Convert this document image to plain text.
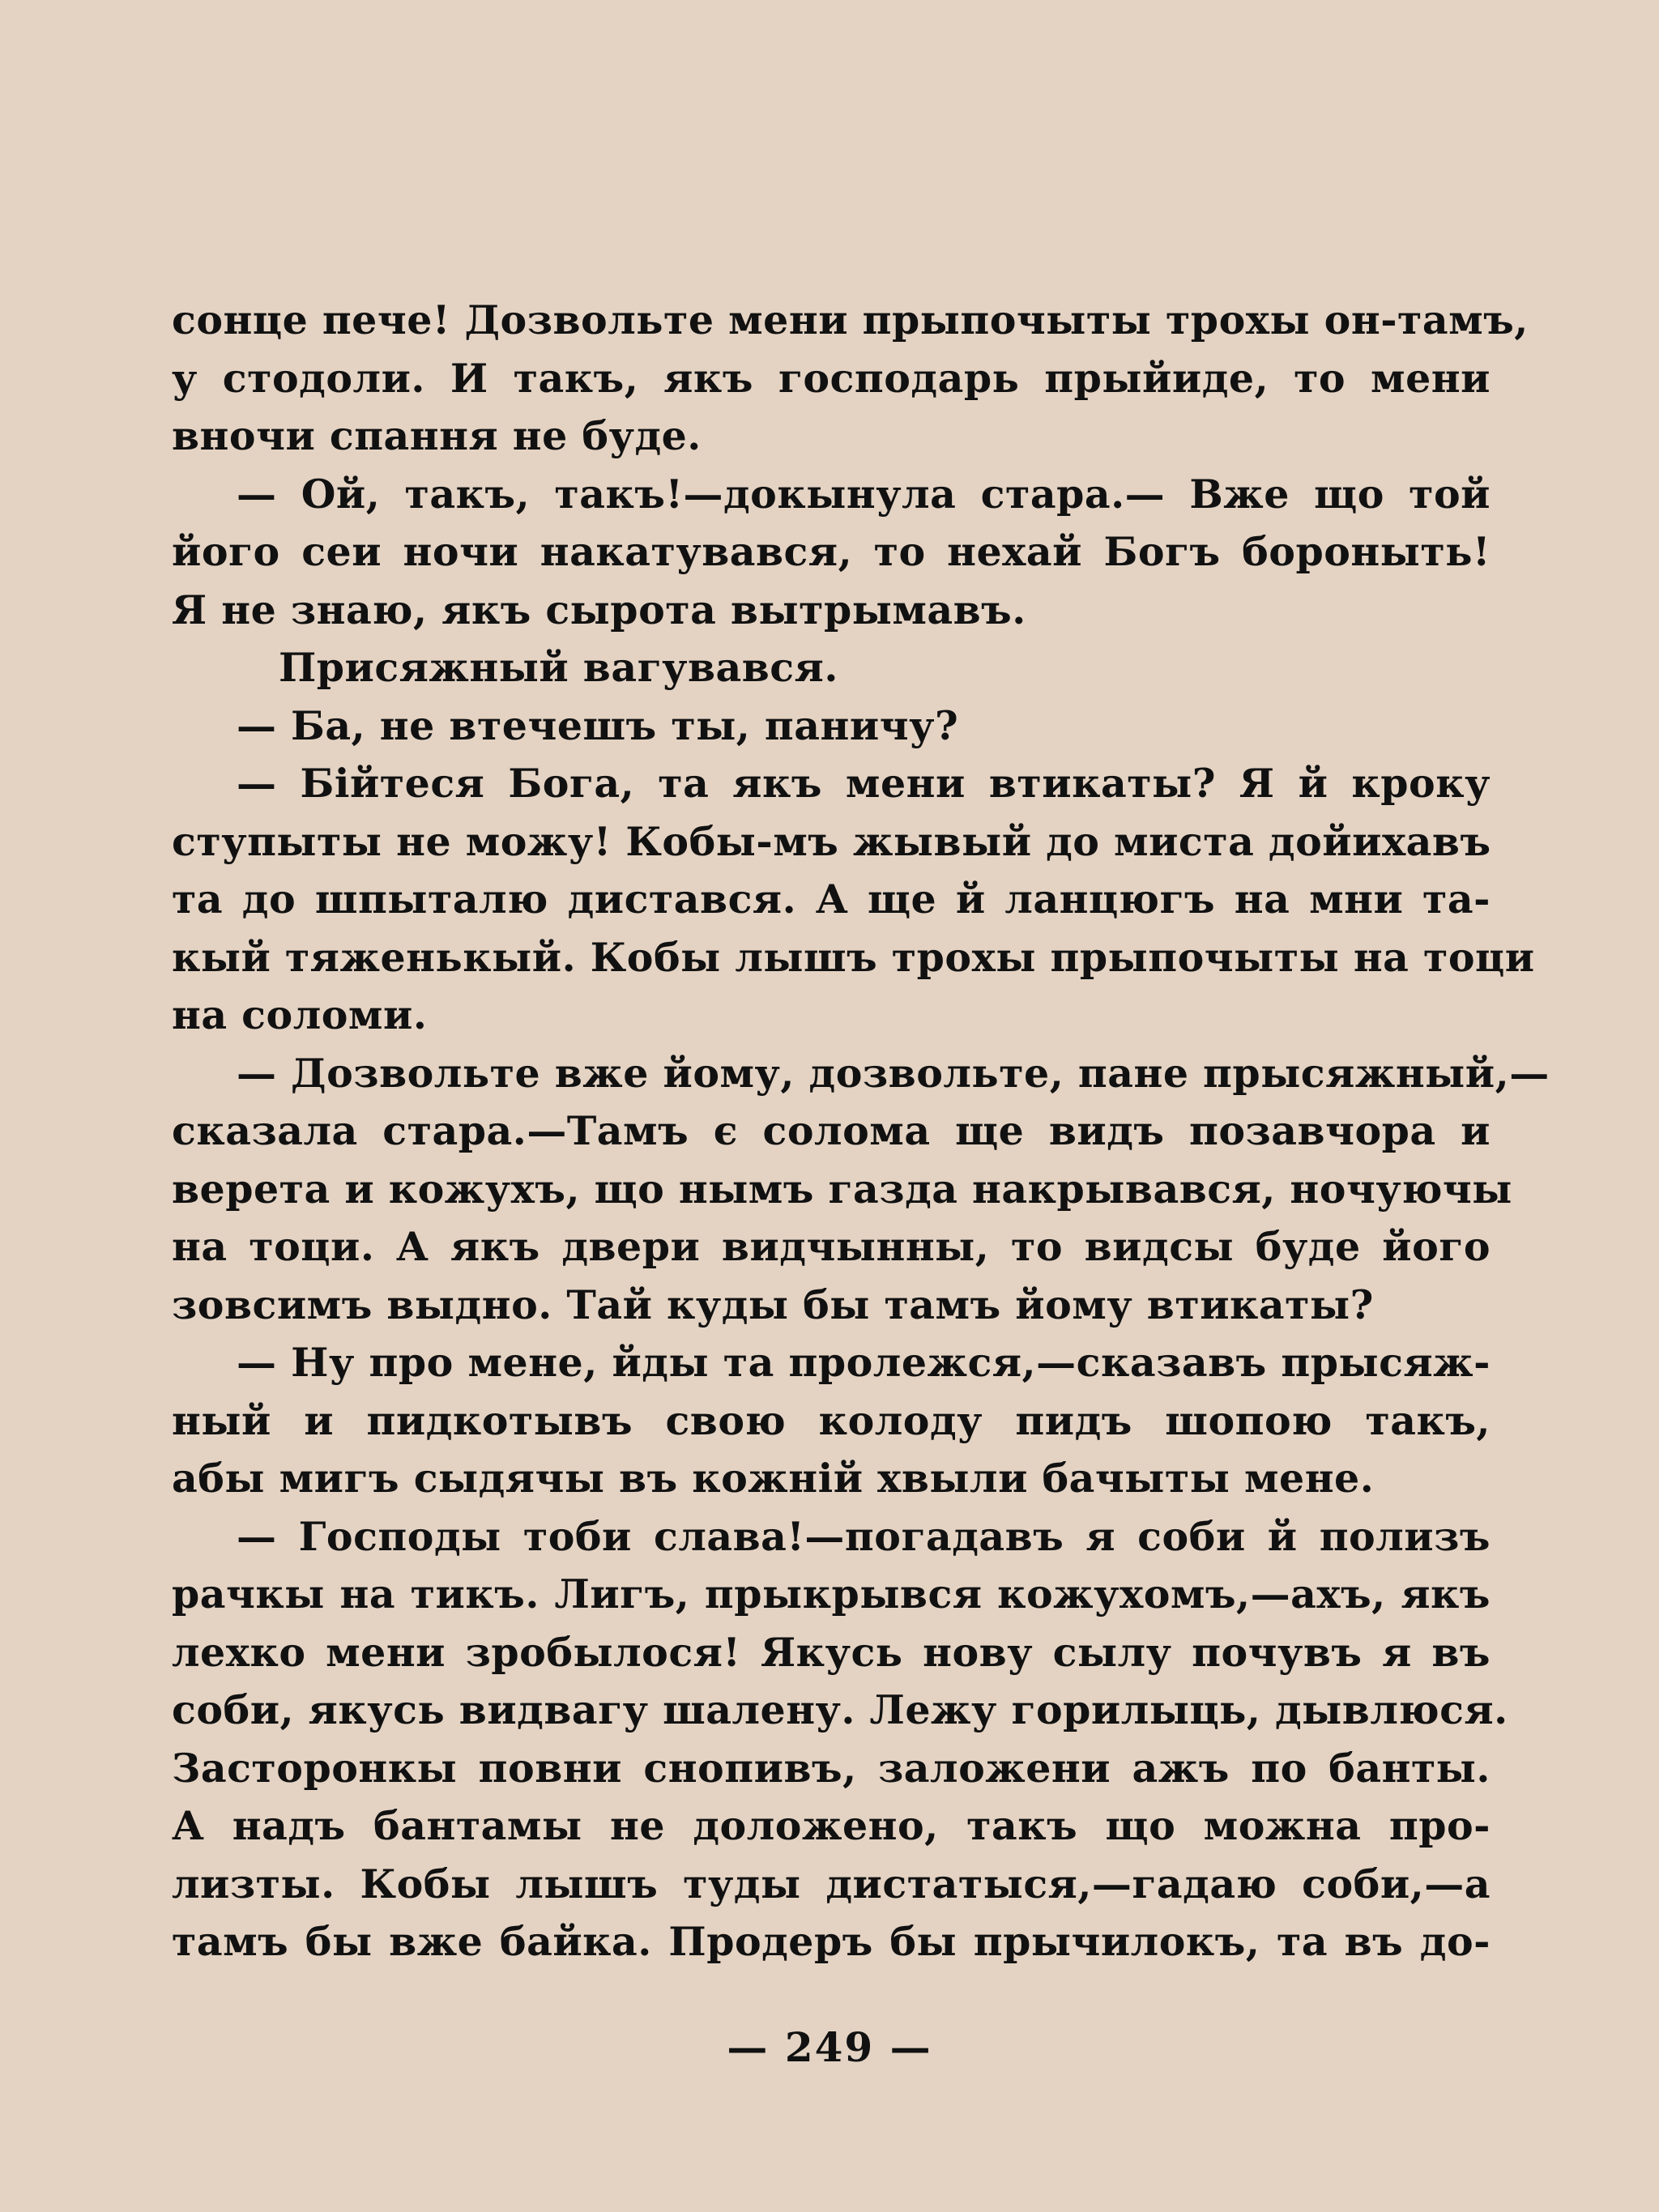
сонце пече! Дозвольте мени прыпочыты трохы он-тамъ,
у стодоли. И такъ, якъ господарь прыйиде, то мени
вночи спання не буде.
— Ой, такъ, такъ!—докынула стара.— Вже що той
його сеи ночи накатувався, то нехай Богъ бороныть!
Я не знаю, якъ сырота вытрымавъ.
Присяжный вагувався.
— Ба, не втечешъ ты, паничу?
— Бійтеся Бога, та якъ мени втикаты? Я й кроку
ступыты не можу! Кобы-мъ жывый до миста дойихавъ
та до шпыталю дистався. А ще й ланцюгъ на мни та-
кый тяженькый. Кобы лышъ трохы прыпочыты на тоци
на соломи.
— Дозвольте вже йому, дозвольте, пане прысяжный,—
сказала стара.—Тамъ є солома ще видъ позавчора и
верета и кожухъ, що нымъ газда накрывався, ночуючы
на тоци. А якъ двери видчынны, то видсы буде його
зовсимъ выдно. Тай куды бы тамъ йому втикаты?
— Ну про мене, йды та пролежся,—сказавъ прысяж-
ный и пидкотывъ свою колоду пидъ шопою такъ,
абы мигъ сыдячы въ кожній хвыли бачыты мене.
— Господы тоби слава!—погадавъ я соби й полизъ
рачкы на тикъ. Лигъ, прыкрывся кожухомъ,—ахъ, якъ
лехко мени зробылося! Якусь нову сылу почувъ я въ
соби, якусь видвагу шалену. Лежу горилыць, дывлюся.
Засторонкы повни снопивъ, заложени ажъ по банты.
А надъ бантамы не доложено, такъ що можна про-
лизты. Кобы лышъ туды дистатыся,—гадаю соби,—а
тамъ бы вже байка. Продеръ бы прычилокъ, та въ до-
— 249 —
